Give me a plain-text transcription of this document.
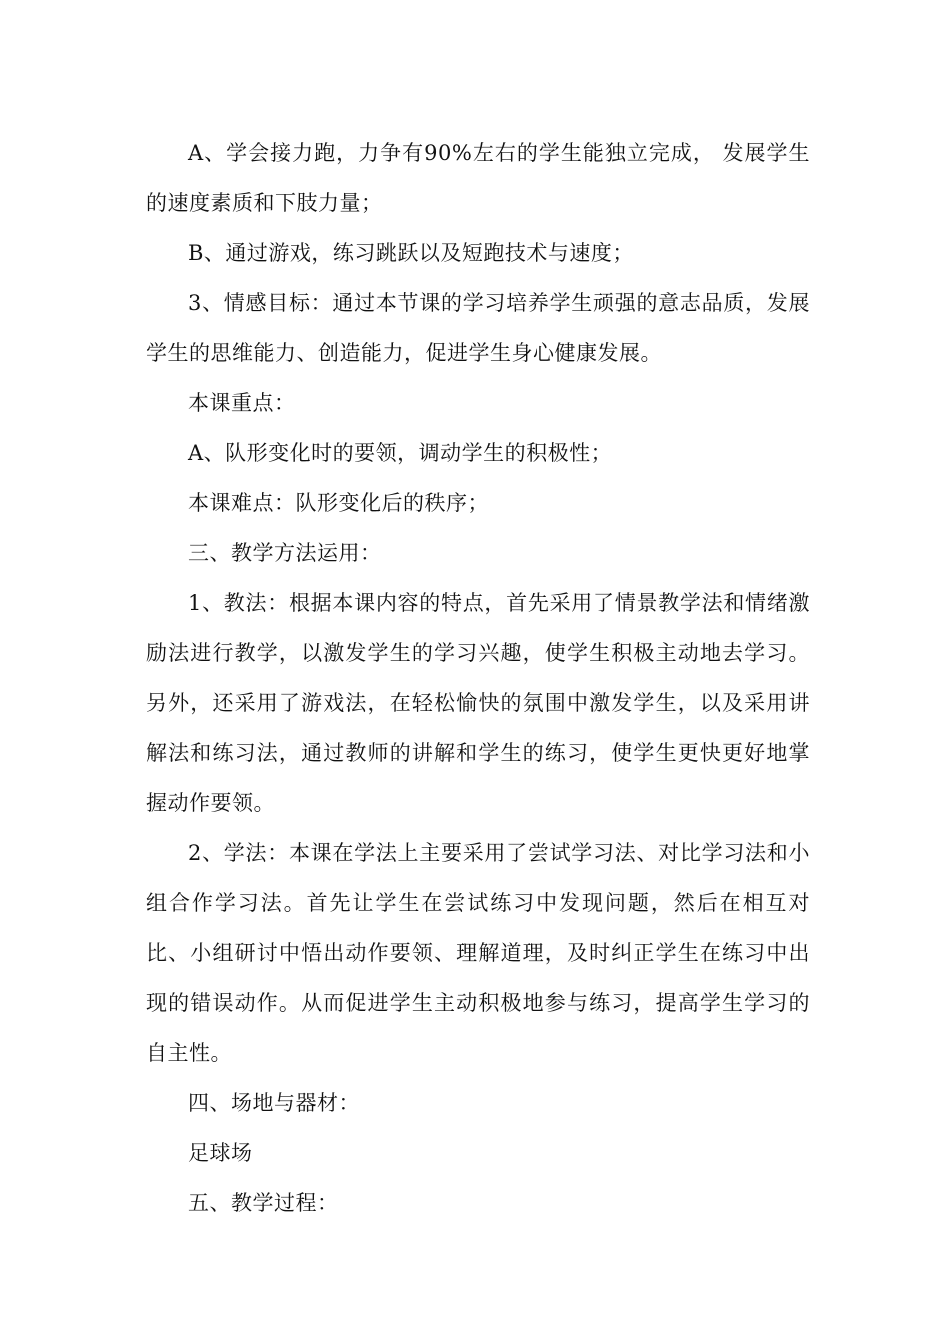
A、学会接力跑，力争有90%左右的学生能独立完成， 发展学生的速度素质和下肢力量；

B、通过游戏，练习跳跃以及短跑技术与速度；

3、情感目标：通过本节课的学习培养学生顽强的意志品质，发展学生的思维能力、创造能力，促进学生身心健康发展。

本课重点：

A、队形变化时的要领，调动学生的积极性；

本课难点：队形变化后的秩序；

三、教学方法运用：

1、教法：根据本课内容的特点，首先采用了情景教学法和情绪激励法进行教学，以激发学生的学习兴趣，使学生积极主动地去学习。另外，还采用了游戏法，在轻松愉快的氛围中激发学生，以及采用讲解法和练习法，通过教师的讲解和学生的练习，使学生更快更好地掌握动作要领。

2、学法：本课在学法上主要采用了尝试学习法、对比学习法和小组合作学习法。首先让学生在尝试练习中发现问题，然后在相互对比、小组研讨中悟出动作要领、理解道理，及时纠正学生在练习中出现的错误动作。从而促进学生主动积极地参与练习，提高学生学习的自主性。

四、场地与器材：

足球场

五、教学过程：
